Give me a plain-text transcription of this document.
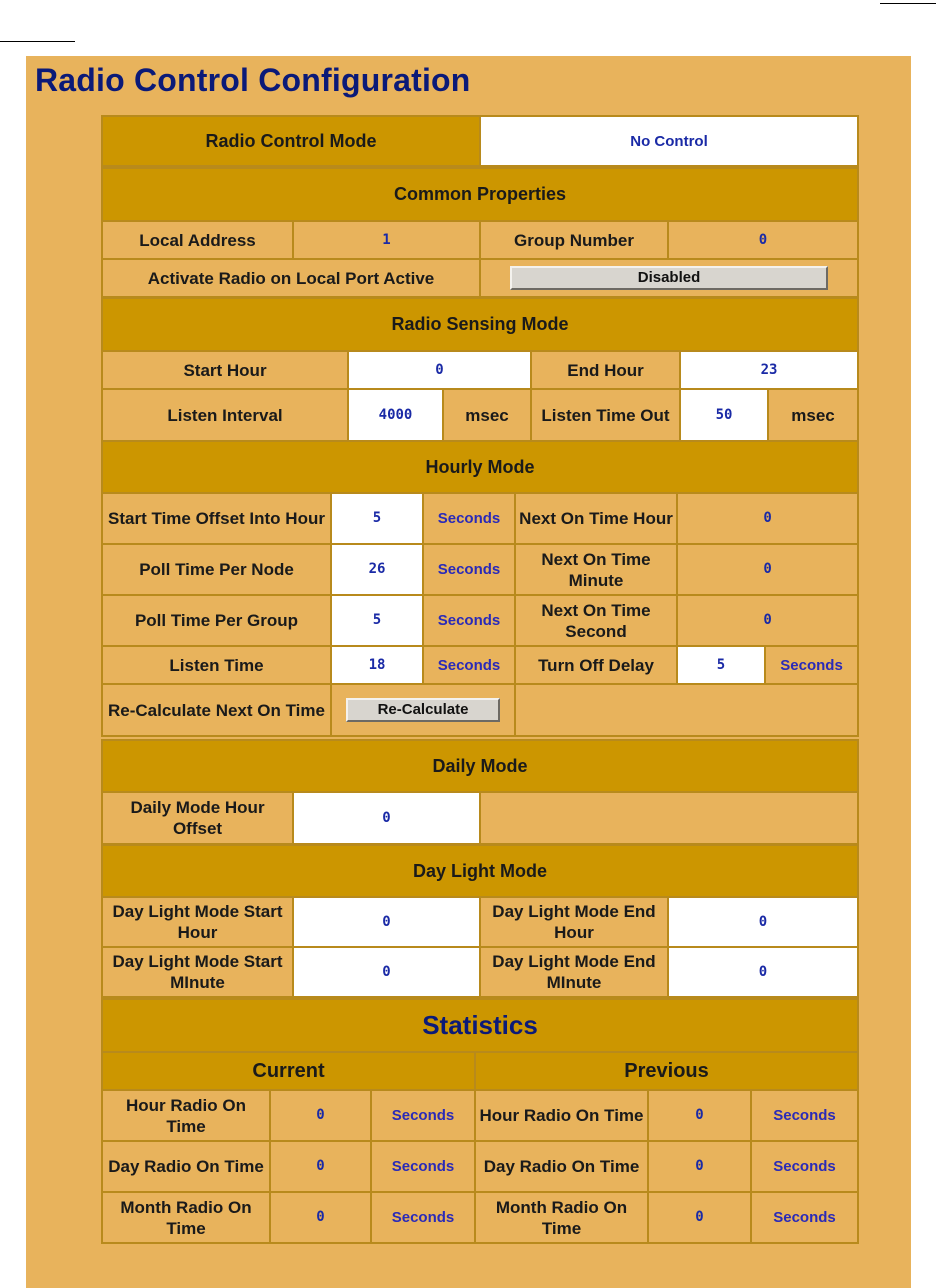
Radio Control Configuration
Radio Control Mode	No Control
Common Properties			
Local Address	1	Group Number	0
Activate Radio on Local Port Active		Disabled	
Radio Sensing Mode					
Start Hour	0		End Hour	23	
Listen Interval	4000	msec	Listen Time Out	50	msec
Hourly Mode					
Start Time Offset Into Hour	5	Seconds	Next On Time Hour	0	
Poll Time Per Node	26	Seconds	Next On Time Minute	0	
Poll Time Per Group	5	Seconds	Next On Time Second	0	
Listen Time	18	Seconds	Turn Off Delay	5	Seconds
Re-Calculate Next On Time	Re-Calculate				
Daily Mode
Daily Mode Hour Offset	0	
Day Light Mode			
Day Light Mode Start Hour	0	Day Light Mode End Hour	0
Day Light Mode Start MInute	0	Day Light Mode End MInute	0
Statistics					
Current			Previous		
Hour Radio On Time	0	Seconds	Hour Radio On Time	0	Seconds
Day Radio On Time	0	Seconds	Day Radio On Time	0	Seconds
Month Radio On Time	0	Seconds	Month Radio On Time	0	Seconds
